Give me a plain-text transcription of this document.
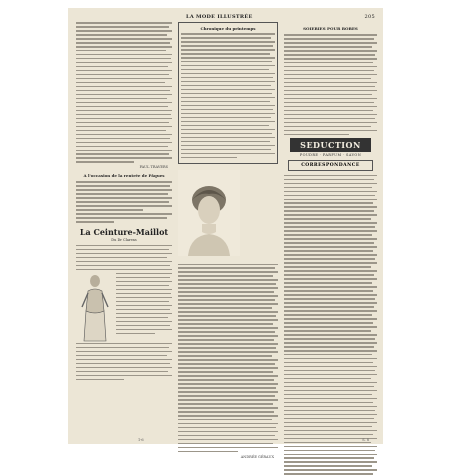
LA MODE ILLUSTRÉE	205
PAUL TRAVERS
A l'occasion de la rentrée de Pâques
La Ceinture-Maillot
Du Dr Clarens
Chronique du printemps
ANDRÉE GÉRAUX
SOIERIES POUR ROBES
SEDUCTION
POUDRE · PARFUM · SAVON
CORRESPONDANCE
1-6	S. 8
